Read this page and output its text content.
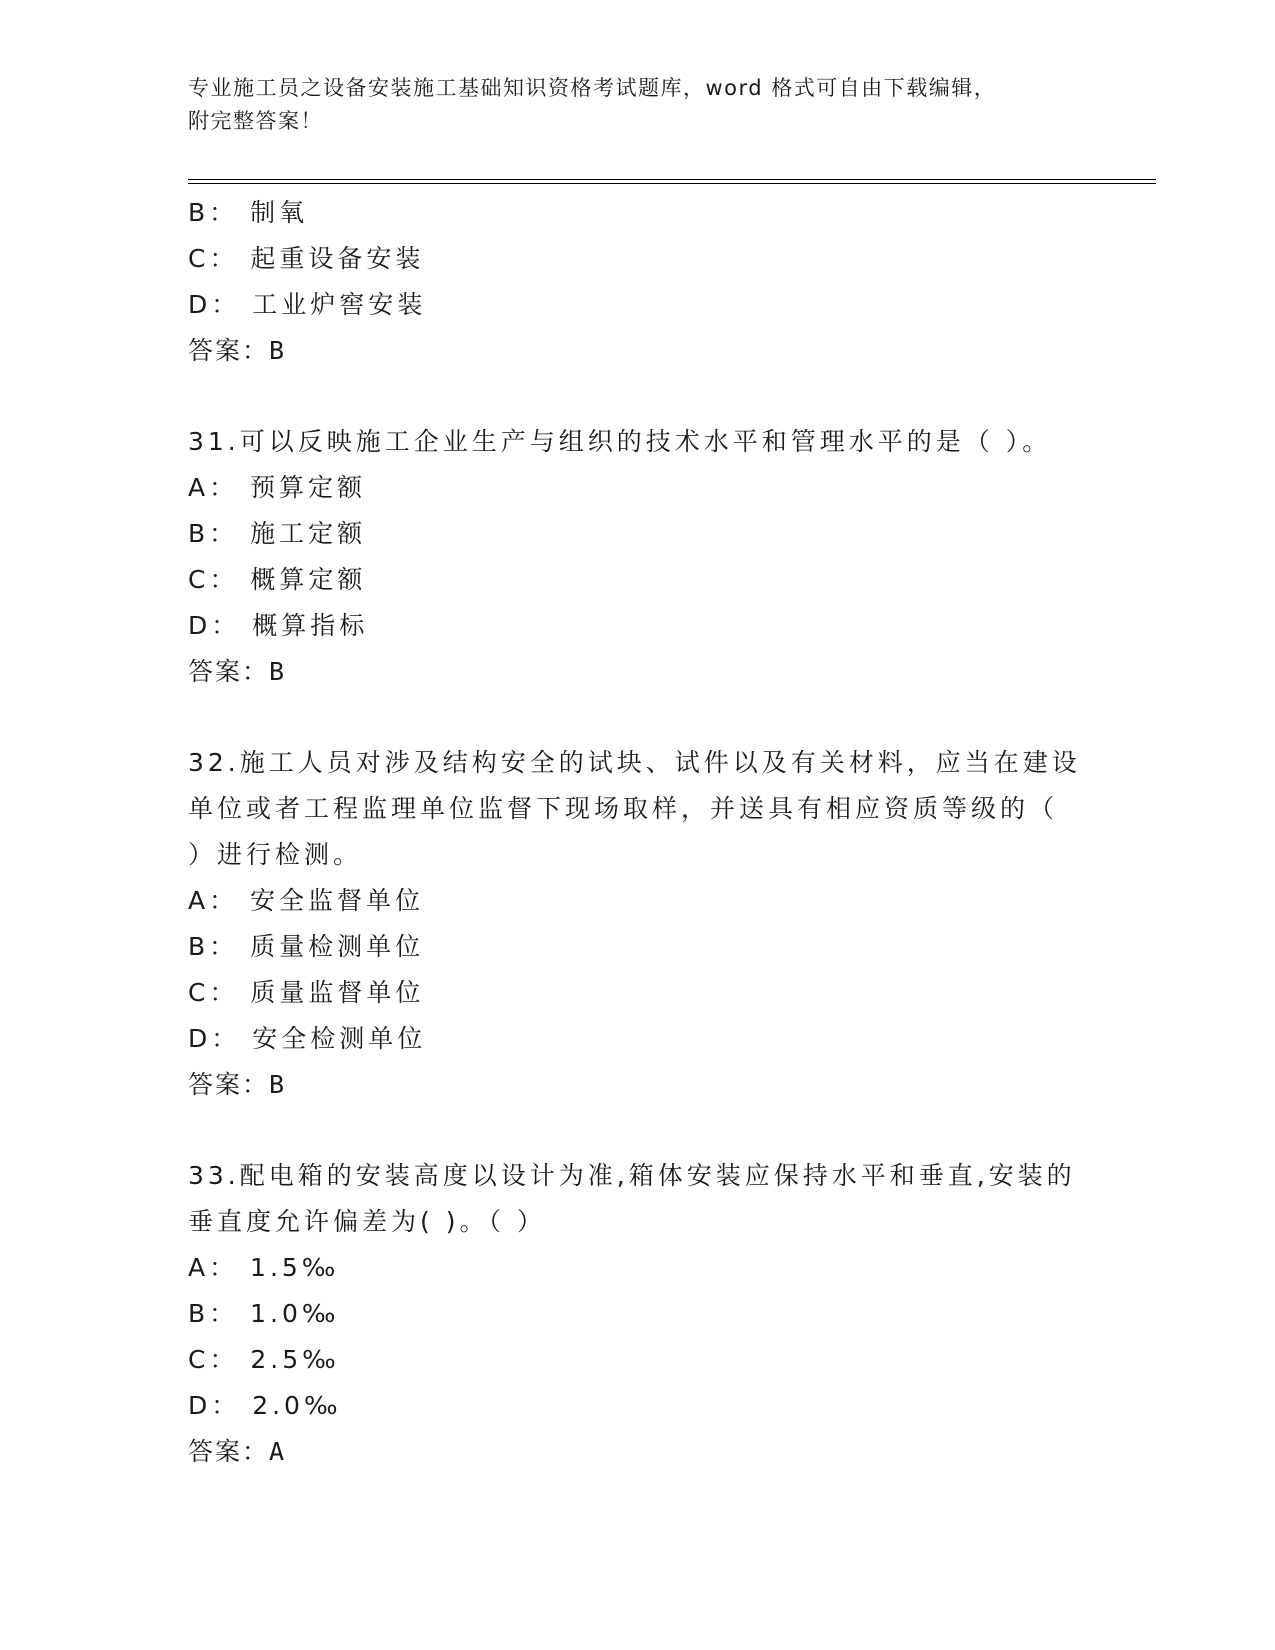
专业施工员之设备安装施工基础知识资格考试题库，word 格式可自由下载编辑，
附完整答案！

B： 制氧

C： 起重设备安装

D： 工业炉窖安装

答案：B

31.可以反映施工企业生产与组织的技术水平和管理水平的是（ ）。

A： 预算定额

B： 施工定额

C： 概算定额

D： 概算指标

答案：B

32.施工人员对涉及结构安全的试块、试件以及有关材料，应当在建设

单位或者工程监理单位监督下现场取样，并送具有相应资质等级的（

）进行检测。

A： 安全监督单位

B： 质量检测单位

C： 质量监督单位

D： 安全检测单位

答案：B

33.配电箱的安装高度以设计为准,箱体安装应保持水平和垂直,安装的

垂直度允许偏差为( )。（ ）

A： 1.5‰

B： 1.0‰

C： 2.5‰

D： 2.0‰

答案：A
